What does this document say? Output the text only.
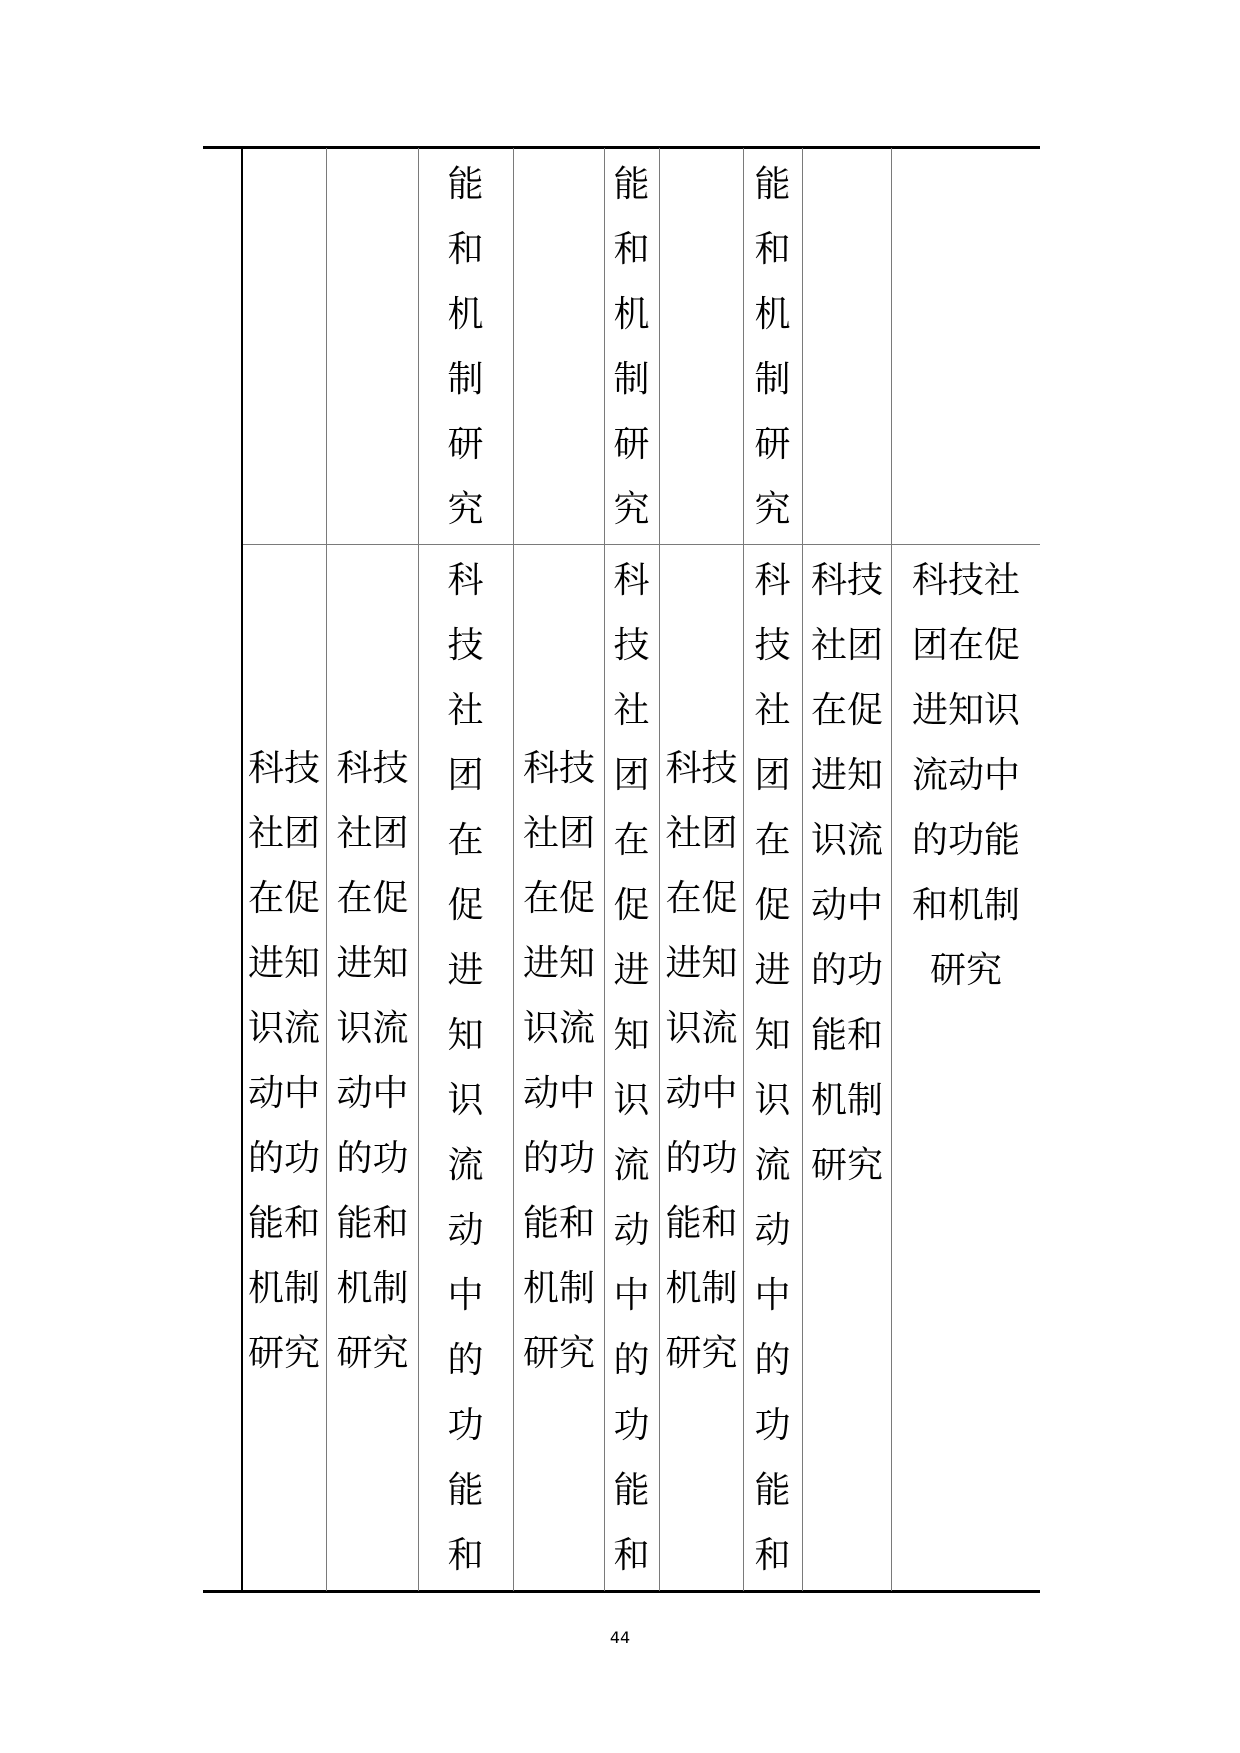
能
和
机
制
研
究
能
和
机
制
研
究
能
和
机
制
研
究
科技
社团
在促
进知
识流
动中
的功
能和
机制
研究
科技
社团
在促
进知
识流
动中
的功
能和
机制
研究
科
技
社
团
在
促
进
知
识
流
动
中
的
功
能
和
科技
社团
在促
进知
识流
动中
的功
能和
机制
研究
科
技
社
团
在
促
进
知
识
流
动
中
的
功
能
和
科技
社团
在促
进知
识流
动中
的功
能和
机制
研究
科
技
社
团
在
促
进
知
识
流
动
中
的
功
能
和
科技
社团
在促
进知
识流
动中
的功
能和
机制
研究
科技社
团在促
进知识
流动中
的功能
和机制
研究
44
